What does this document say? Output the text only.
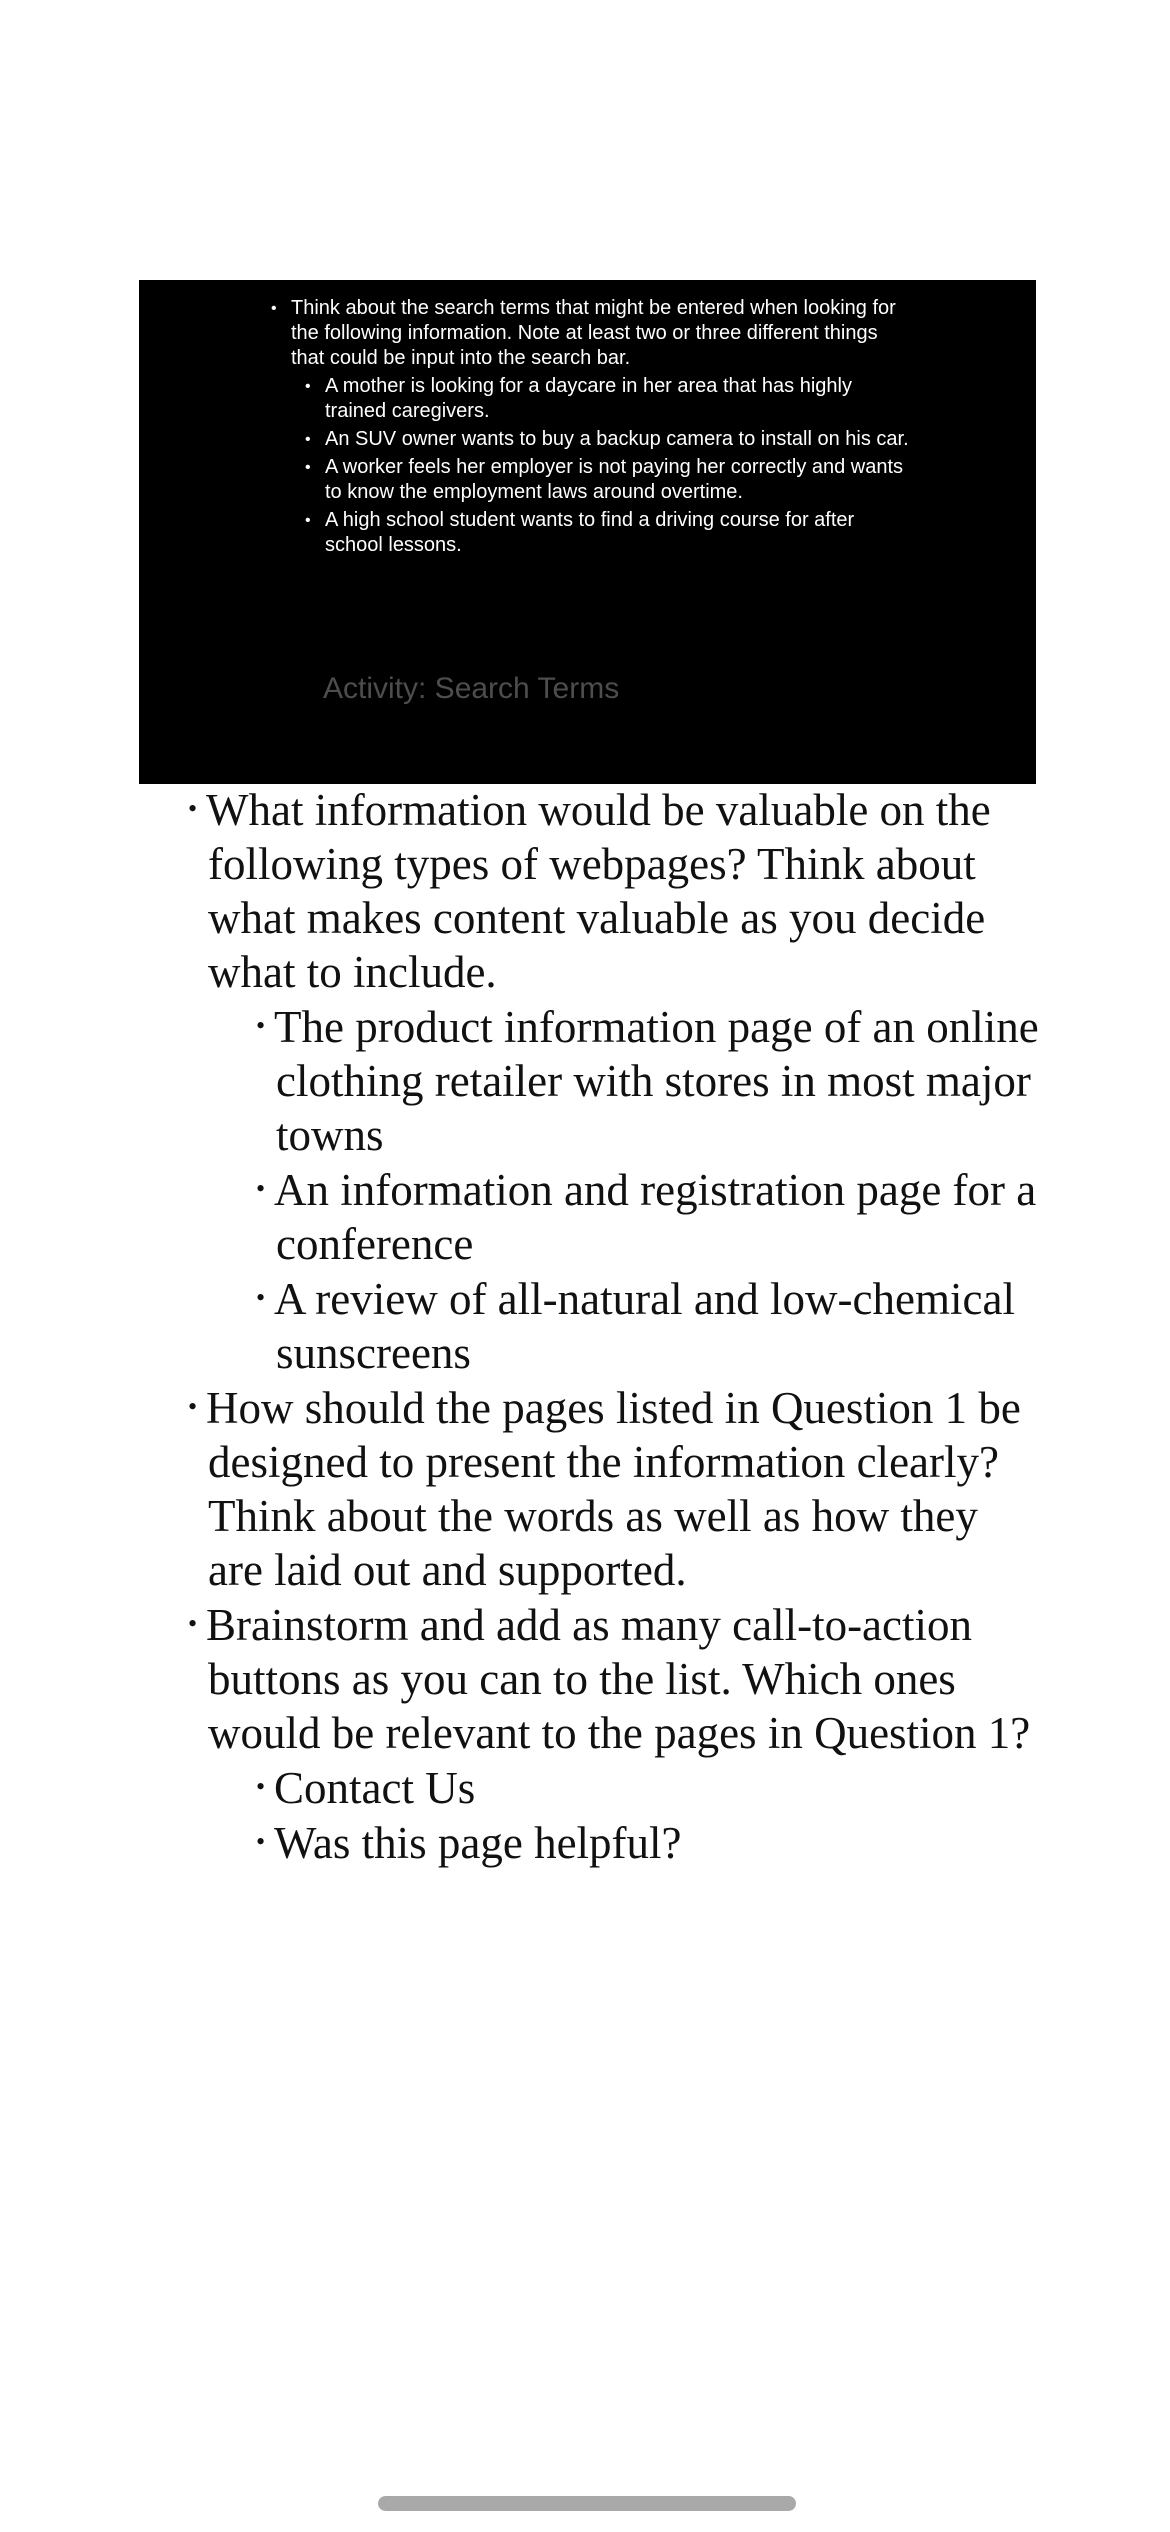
• Think about the search terms that might be entered when looking for the following information. Note at least two or three different things that could be input into the search bar.
• A mother is looking for a daycare in her area that has highly trained caregivers.
• An SUV owner wants to buy a backup camera to install on his car.
• A worker feels her employer is not paying her correctly and wants to know the employment laws around overtime.
• A high school student wants to find a driving course for after school lessons.
Activity: Search Terms
• What information would be valuable on the following types of webpages? Think about what makes content valuable as you decide what to include.
• The product information page of an online clothing retailer with stores in most major towns
• An information and registration page for a conference
• A review of all-natural and low-chemical sunscreens
• How should the pages listed in Question 1 be designed to present the information clearly? Think about the words as well as how they are laid out and supported.
• Brainstorm and add as many call-to-action buttons as you can to the list. Which ones would be relevant to the pages in Question 1?
• Contact Us
• Was this page helpful?
